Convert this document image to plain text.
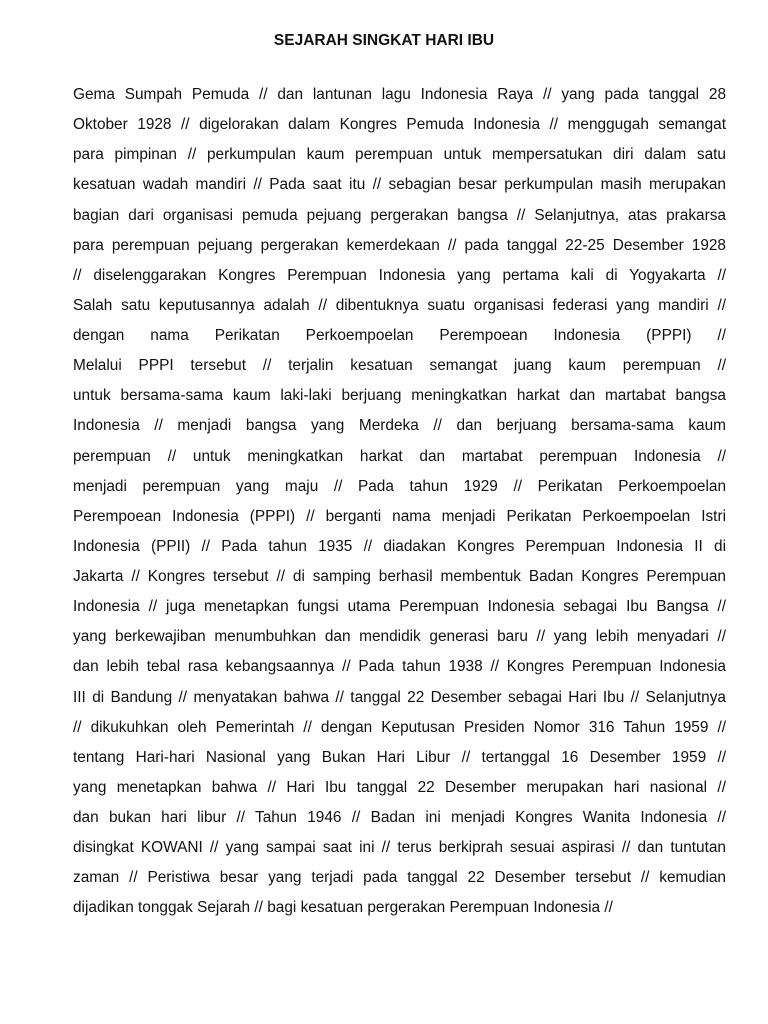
SEJARAH SINGKAT HARI IBU
Gema Sumpah Pemuda // dan lantunan lagu Indonesia Raya // yang pada tanggal 28
Oktober 1928 // digelorakan dalam Kongres Pemuda Indonesia // menggugah semangat
para pimpinan // perkumpulan kaum perempuan untuk mempersatukan diri dalam satu
kesatuan wadah mandiri // Pada saat itu // sebagian besar perkumpulan masih merupakan
bagian dari organisasi pemuda pejuang pergerakan bangsa // Selanjutnya, atas prakarsa
para perempuan pejuang pergerakan kemerdekaan // pada tanggal 22-25 Desember 1928
// diselenggarakan Kongres Perempuan Indonesia yang pertama kali di Yogyakarta //
Salah satu keputusannya adalah // dibentuknya suatu organisasi federasi yang mandiri //
dengan nama Perikatan Perkoempoelan Perempoean Indonesia (PPPI) //
Melalui PPPI tersebut // terjalin kesatuan semangat juang kaum perempuan //
untuk bersama-sama kaum laki-laki berjuang meningkatkan harkat dan martabat bangsa
Indonesia // menjadi bangsa yang Merdeka // dan berjuang bersama-sama kaum
perempuan // untuk meningkatkan harkat dan martabat perempuan Indonesia //
menjadi perempuan yang maju // Pada tahun 1929 // Perikatan Perkoempoelan
Perempoean Indonesia (PPPI) // berganti nama menjadi Perikatan Perkoempoelan Istri
Indonesia (PPII) // Pada tahun 1935 // diadakan Kongres Perempuan Indonesia II di
Jakarta // Kongres tersebut // di samping berhasil membentuk Badan Kongres Perempuan
Indonesia // juga menetapkan fungsi utama Perempuan Indonesia sebagai Ibu Bangsa //
yang berkewajiban menumbuhkan dan mendidik generasi baru // yang lebih menyadari //
dan lebih tebal rasa kebangsaannya // Pada tahun 1938 // Kongres Perempuan Indonesia
III di Bandung // menyatakan bahwa // tanggal 22 Desember sebagai Hari Ibu // Selanjutnya
// dikukuhkan oleh Pemerintah // dengan Keputusan Presiden Nomor 316 Tahun 1959 //
tentang Hari-hari Nasional yang Bukan Hari Libur // tertanggal 16 Desember 1959 //
yang menetapkan bahwa // Hari Ibu tanggal 22 Desember merupakan hari nasional //
dan bukan hari libur // Tahun 1946 // Badan ini menjadi Kongres Wanita Indonesia //
disingkat KOWANI // yang sampai saat ini // terus berkiprah sesuai aspirasi // dan tuntutan
zaman // Peristiwa besar yang terjadi pada tanggal 22 Desember tersebut // kemudian
dijadikan tonggak Sejarah // bagi kesatuan pergerakan Perempuan Indonesia //
